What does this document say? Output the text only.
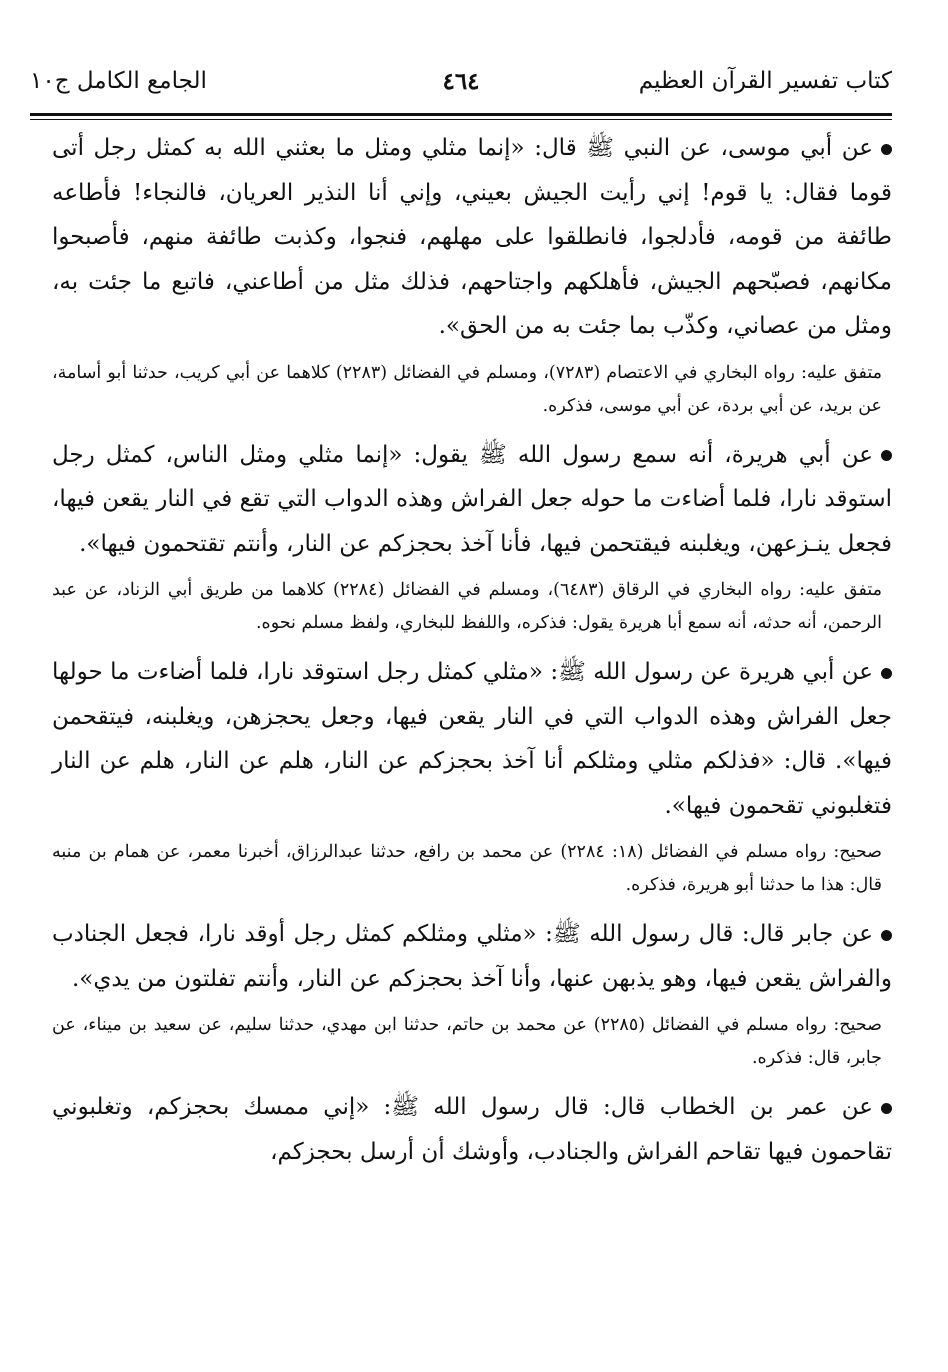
كتاب تفسير القرآن العظيم
٤٦٤
الجامع الكامل ج١٠

عن أبي موسى، عن النبي ﷺ قال: «إنما مثلي ومثل ما بعثني الله به كمثل رجل أتى قوما فقال: يا قوم! إني رأيت الجيش بعيني، وإني أنا النذير العريان، فالنجاء! فأطاعه طائفة من قومه، فأدلجوا، فانطلقوا على مهلهم، فنجوا، وكذبت طائفة منهم، فأصبحوا مكانهم، فصبّحهم الجيش، فأهلكهم واجتاحهم، فذلك مثل من أطاعني، فاتبع ما جئت به، ومثل من عصاني، وكذّب بما جئت به من الحق».

متفق عليه: رواه البخاري في الاعتصام (٧٢٨٣)، ومسلم في الفضائل (٢٢٨٣) كلاهما عن أبي كريب، حدثنا أبو أسامة، عن بريد، عن أبي بردة، عن أبي موسى، فذكره.

عن أبي هريرة، أنه سمع رسول الله ﷺ يقول: «إنما مثلي ومثل الناس، كمثل رجل استوقد نارا، فلما أضاءت ما حوله جعل الفراش وهذه الدواب التي تقع في النار يقعن فيها، فجعل ينـزعهن، ويغلبنه فيقتحمن فيها، فأنا آخذ بحجزكم عن النار، وأنتم تقتحمون فيها».

متفق عليه: رواه البخاري في الرقاق (٦٤٨٣)، ومسلم في الفضائل (٢٢٨٤) كلاهما من طريق أبي الزناد، عن عبد الرحمن، أنه حدثه، أنه سمع أبا هريرة يقول: فذكره، واللفظ للبخاري، ولفظ مسلم نحوه.

عن أبي هريرة عن رسول الله ﷺ: «مثلي كمثل رجل استوقد نارا، فلما أضاءت ما حولها جعل الفراش وهذه الدواب التي في النار يقعن فيها، وجعل يحجزهن، ويغلبنه، فيتقحمن فيها». قال: «فذلكم مثلي ومثلكم أنا آخذ بحجزكم عن النار، هلم عن النار، هلم عن النار فتغلبوني تقحمون فيها».

صحيح: رواه مسلم في الفضائل (١٨: ٢٢٨٤) عن محمد بن رافع، حدثنا عبدالرزاق، أخبرنا معمر، عن همام بن منبه قال: هذا ما حدثنا أبو هريرة، فذكره.

عن جابر قال: قال رسول الله ﷺ: «مثلي ومثلكم كمثل رجل أوقد نارا، فجعل الجنادب والفراش يقعن فيها، وهو يذبهن عنها، وأنا آخذ بحجزكم عن النار، وأنتم تفلتون من يدي».

صحيح: رواه مسلم في الفضائل (٢٢٨٥) عن محمد بن حاتم، حدثنا ابن مهدي، حدثنا سليم، عن سعيد بن ميناء، عن جابر، قال: فذكره.

عن عمر بن الخطاب قال: قال رسول الله ﷺ: «إني ممسك بحجزكم، وتغلبوني تقاحمون فيها تقاحم الفراش والجنادب، وأوشك أن أرسل بحجزكم،
